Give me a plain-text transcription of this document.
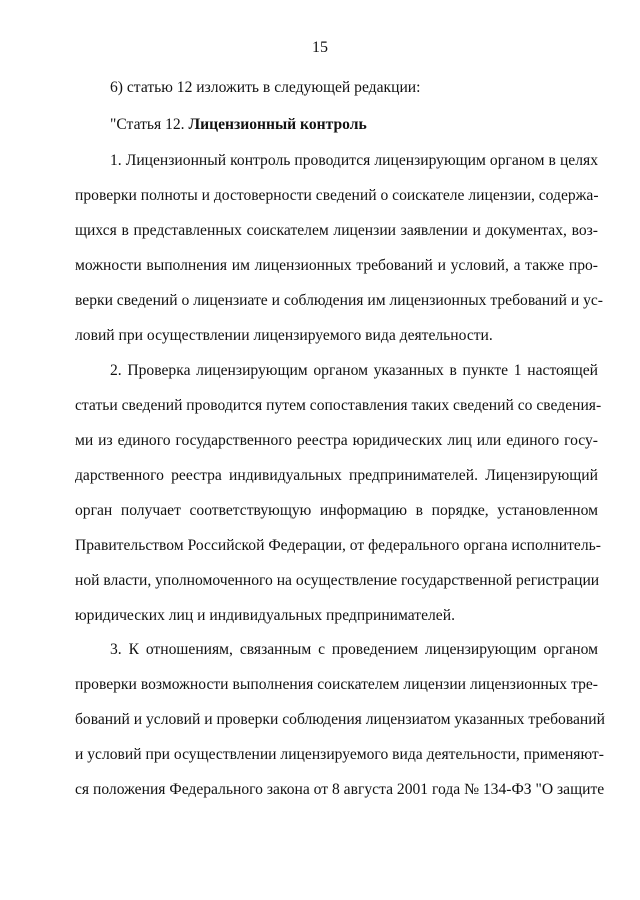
15
6) статью 12 изложить в следующей редакции:
"Статья 12. Лицензионный контроль
1. Лицензионный контроль проводится лицензирующим органом в целях
проверки полноты и достоверности сведений о соискателе лицензии, содержа-
щихся в представленных соискателем лицензии заявлении и документах, воз-
можности выполнения им лицензионных требований и условий, а также про-
верки сведений о лицензиате и соблюдения им лицензионных требований и ус-
ловий при осуществлении лицензируемого вида деятельности.
2. Проверка лицензирующим органом указанных в пункте 1 настоящей
статьи сведений проводится путем сопоставления таких сведений со сведения-
ми из единого государственного реестра юридических лиц или единого госу-
дарственного реестра индивидуальных предпринимателей. Лицензирующий
орган получает соответствующую информацию в порядке, установленном
Правительством Российской Федерации, от федерального органа исполнитель-
ной власти, уполномоченного на осуществление государственной регистрации
юридических лиц и индивидуальных предпринимателей.
3. К отношениям, связанным с проведением лицензирующим органом
проверки возможности выполнения соискателем лицензии лицензионных тре-
бований и условий и проверки соблюдения лицензиатом указанных требований
и условий при осуществлении лицензируемого вида деятельности, применяют-
ся положения Федерального закона от 8 августа 2001 года № 134-ФЗ "О защите
